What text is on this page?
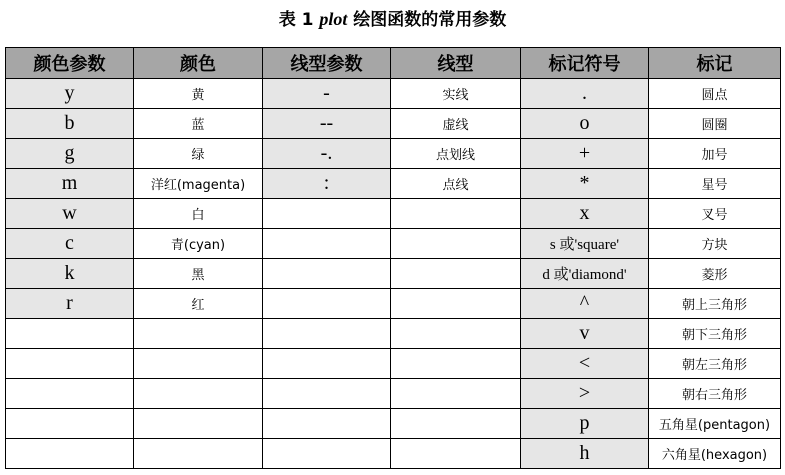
表 1 plot 绘图函数的常用参数
颜色参数	颜色	线型参数	线型	标记符号	标记
y	黄	-	实线	.	圆点
b	蓝	--	虚线	o	圆圈
g	绿	-.	点划线	+	加号
m	洋红(magenta)	:	点线	*	星号
w	白			x	叉号
c	青(cyan)			s 或'square'	方块
k	黑			d 或'diamond'	菱形
r	红			^	朝上三角形
				v	朝下三角形
				<	朝左三角形
				>	朝右三角形
				p	五角星(pentagon)
				h	六角星(hexagon)
